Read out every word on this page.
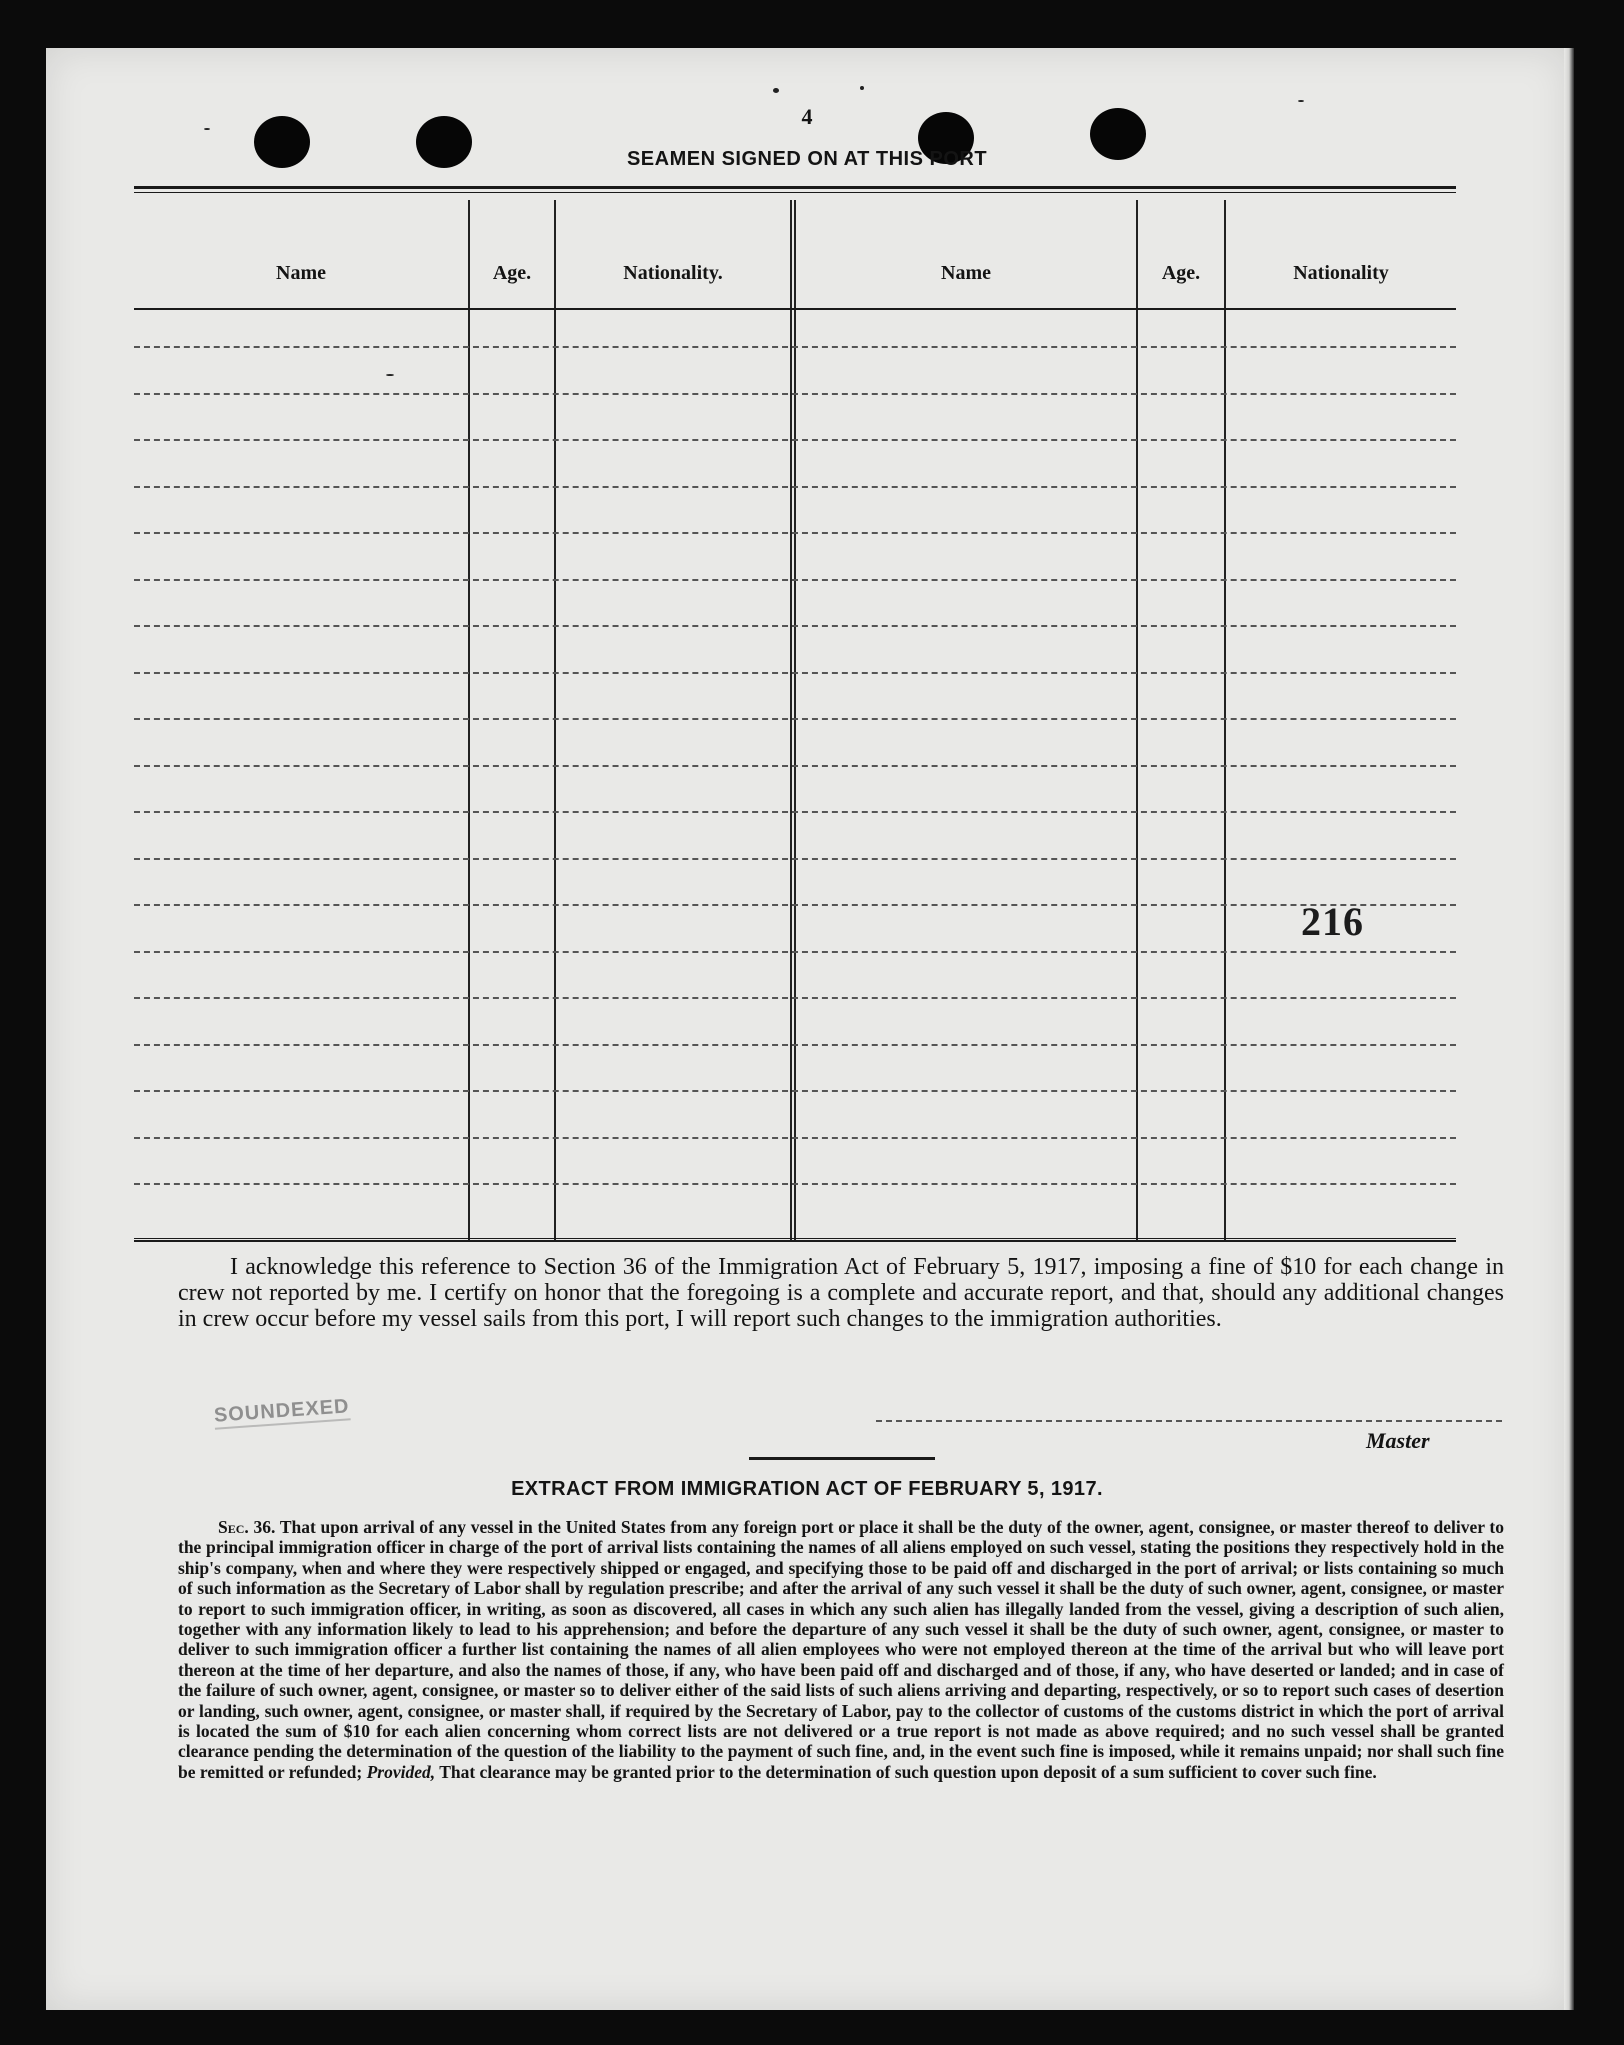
4
SEAMEN SIGNED ON AT THIS PORT
Name	Age.	Nationality.	Name	Age.	Nationality
216
I acknowledge this reference to Section 36 of the Immigration Act of February 5, 1917, imposing a fine of $10 for each change in crew not reported by me. I certify on honor that the foregoing is a complete and accurate report, and that, should any additional changes in crew occur before my vessel sails from this port, I will report such changes to the immigration authorities.
SOUNDEXED
Master
EXTRACT FROM IMMIGRATION ACT OF FEBRUARY 5, 1917.
Sec. 36. That upon arrival of any vessel in the United States from any foreign port or place it shall be the duty of the owner, agent, consignee, or master thereof to deliver to the principal immigration officer in charge of the port of arrival lists containing the names of all aliens employed on such vessel, stating the positions they respectively hold in the ship's company, when and where they were respectively shipped or engaged, and specifying those to be paid off and discharged in the port of arrival; or lists containing so much of such information as the Secretary of Labor shall by regulation prescribe; and after the arrival of any such vessel it shall be the duty of such owner, agent, consignee, or master to report to such immigration officer, in writing, as soon as discovered, all cases in which any such alien has illegally landed from the vessel, giving a description of such alien, together with any information likely to lead to his apprehension; and before the departure of any such vessel it shall be the duty of such owner, agent, consignee, or master to deliver to such immigration officer a further list containing the names of all alien employees who were not employed thereon at the time of the arrival but who will leave port thereon at the time of her departure, and also the names of those, if any, who have been paid off and discharged and of those, if any, who have deserted or landed; and in case of the failure of such owner, agent, consignee, or master so to deliver either of the said lists of such aliens arriving and departing, respectively, or so to report such cases of desertion or landing, such owner, agent, consignee, or master shall, if required by the Secretary of Labor, pay to the collector of customs of the customs district in which the port of arrival is located the sum of $10 for each alien concerning whom correct lists are not delivered or a true report is not made as above required; and no such vessel shall be granted clearance pending the determination of the question of the liability to the payment of such fine, and, in the event such fine is imposed, while it remains unpaid; nor shall such fine be remitted or refunded; Provided, That clearance may be granted prior to the determination of such question upon deposit of a sum sufficient to cover such fine.
